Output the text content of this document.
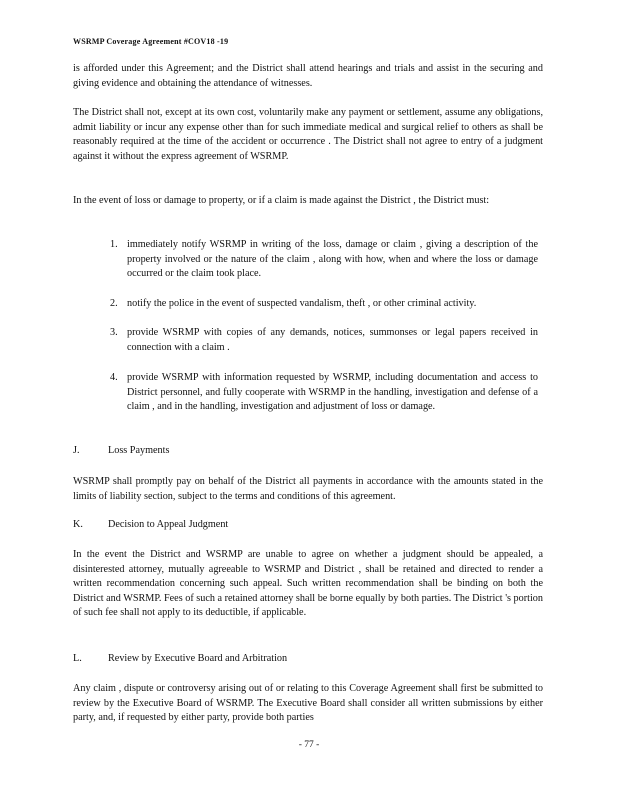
WSRMP Coverage Agreement #COV18 -19
is afforded under this Agreement; and the District shall attend hearings and trials and assist in the securing and giving evidence and obtaining the attendance of witnesses.
The District shall not, except at its own cost, voluntarily make any payment or settlement, assume any obligations, admit liability or incur any expense other than for such immediate medical and surgical relief to others as shall be reasonably required at the time of the accident or occurrence . The District shall not agree to entry of a judgment against it without the express agreement of WSRMP.
In the event of loss or damage to property, or if a claim is made against the District , the District must:
1. immediately notify WSRMP in writing of the loss, damage or claim , giving a description of the property involved or the nature of the claim , along with how, when and where the loss or damage occurred or the claim took place.
2. notify the police in the event of suspected vandalism, theft , or other criminal activity.
3. provide WSRMP with copies of any demands, notices, summonses or legal papers received in connection with a claim .
4. provide WSRMP with information requested by WSRMP, including documentation and access to District personnel, and fully cooperate with WSRMP in the handling, investigation and defense of a claim , and in the handling, investigation and adjustment of loss or damage.
J.	Loss Payments
WSRMP shall promptly pay on behalf of the District all payments in accordance with the amounts stated in the limits of liability section, subject to the terms and conditions of this agreement.
K. Decision to Appeal Judgment
In the event the District and WSRMP are unable to agree on whether a judgment should be appealed, a disinterested attorney, mutually agreeable to WSRMP and District , shall be retained and directed to render a written recommendation concerning such appeal. Such written recommendation shall be binding on both the District and WSRMP. Fees of such a retained attorney shall be borne equally by both parties. The District 's portion of such fee shall not apply to its deductible, if applicable.
L.	Review by Executive Board and Arbitration
Any claim , dispute or controversy arising out of or relating to this Coverage Agreement shall first be submitted to review by the Executive Board of WSRMP. The Executive Board shall consider all written submissions by either party, and, if requested by either party, provide both parties
- 77 -
